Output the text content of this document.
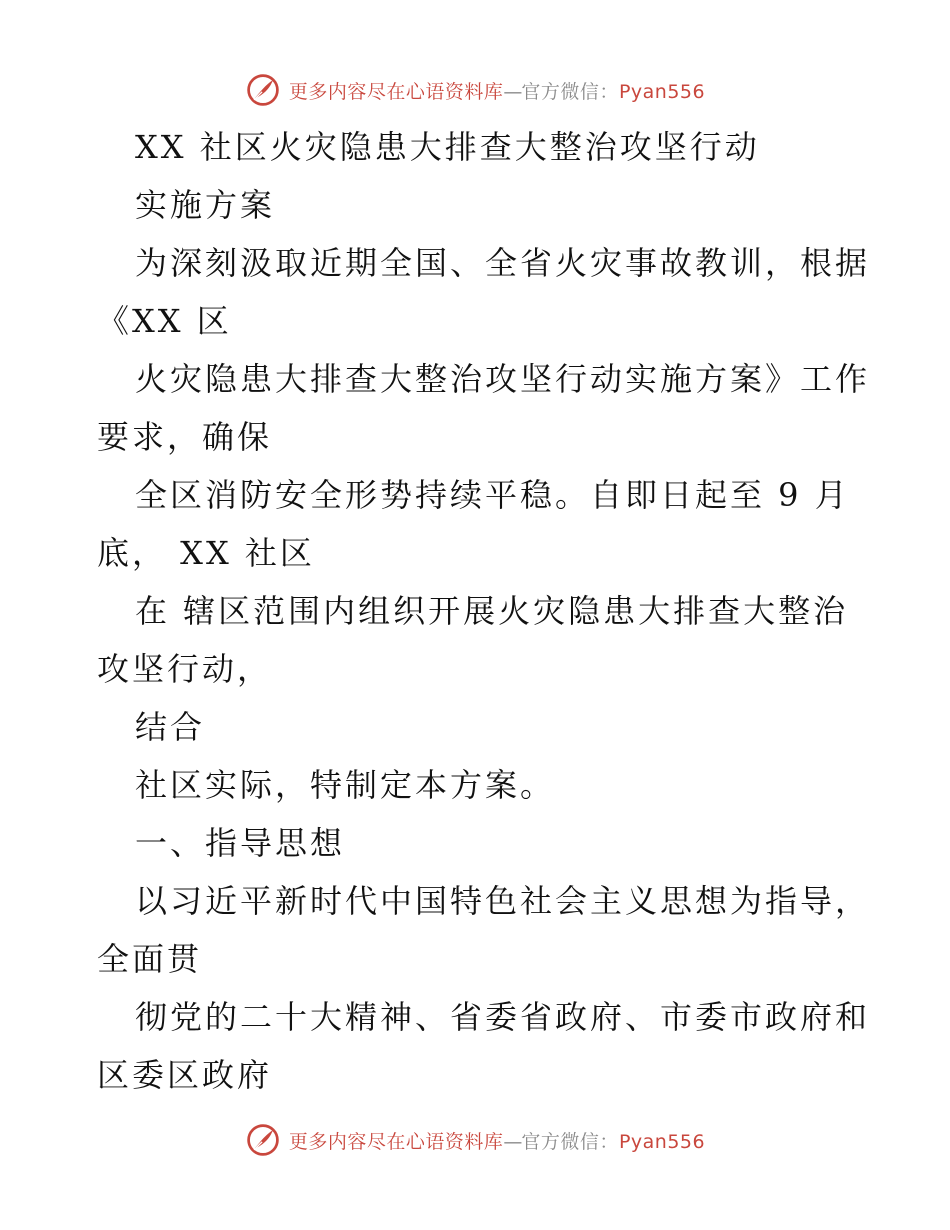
更多内容尽在心语资料库—官方微信：Pyan556
XX 社区火灾隐患大排查大整治攻坚行动
实施方案
为深刻汲取近期全国、全省火灾事故教训，根据
《XX 区
火灾隐患大排查大整治攻坚行动实施方案》工作
要求，确保
全区消防安全形势持续平稳。自即日起至 9 月
底， XX 社区
在 辖区范围内组织开展火灾隐患大排查大整治
攻坚行动，
结合
社区实际，特制定本方案。
一、指导思想
以习近平新时代中国特色社会主义思想为指导，
全面贯
彻党的二十大精神、省委省政府、市委市政府和
区委区政府
更多内容尽在心语资料库—官方微信：Pyan556
